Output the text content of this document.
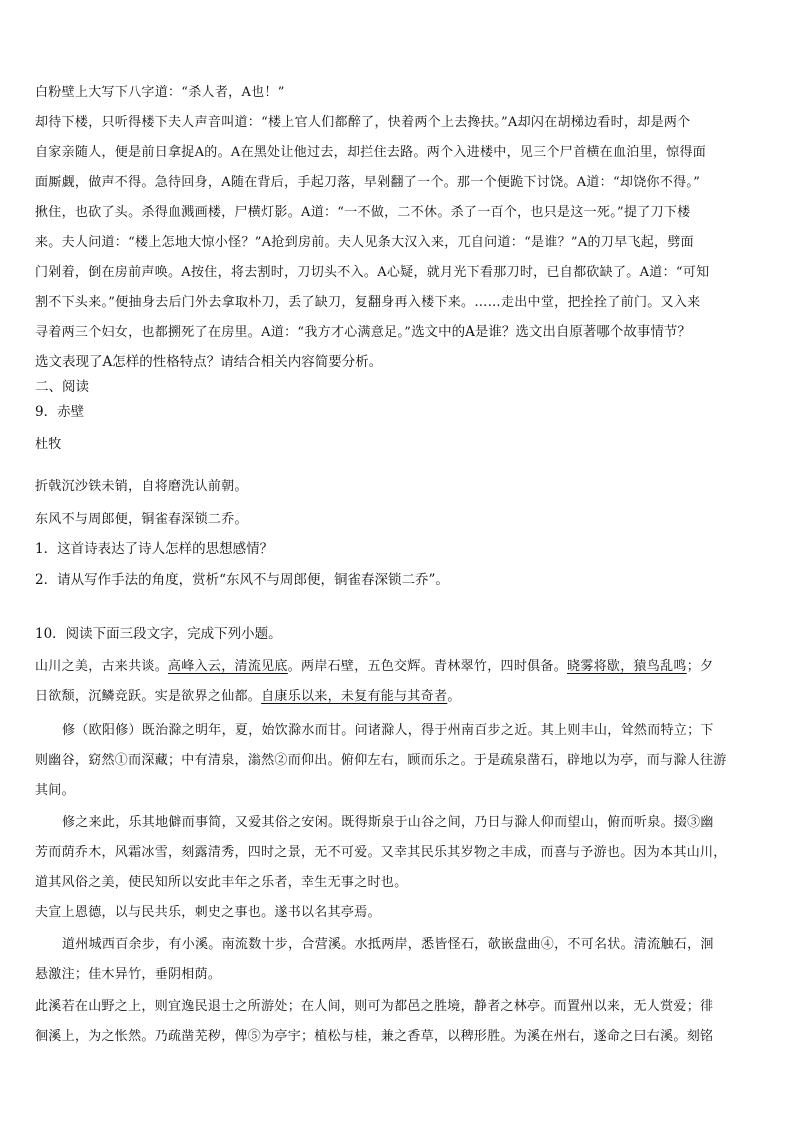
白粉壁上大写下八字道：“杀人者，A也！”
却待下楼，只听得楼下夫人声音叫道：“楼上官人们都醉了，快着两个上去搀扶。”A却闪在胡梯边看时，却是两个
自家亲随人，便是前日拿捉A的。A在黑处让他过去，却拦住去路。两个入进楼中，见三个尸首横在血泊里，惊得面
面厮觑，做声不得。急待回身，A随在背后，手起刀落，早剁翻了一个。那一个便跪下讨饶。A道：“却饶你不得。”
揪住，也砍了头。杀得血溅画楼，尸横灯影。A道：“一不做，二不休。杀了一百个，也只是这一死。”提了刀下楼
来。夫人问道：“楼上怎地大惊小怪？”A抢到房前。夫人见条大汉入来，兀自问道：“是谁？”A的刀早飞起，劈面
门剁着，倒在房前声唤。A按住，将去割时，刀切头不入。A心疑，就月光下看那刀时，已自都砍缺了。A道：“可知
割不下头来。”便抽身去后门外去拿取朴刀，丢了缺刀，复翻身再入楼下来。……走出中堂，把拴拴了前门。又入来
寻着两三个妇女，也都搠死了在房里。A道：“我方才心满意足。”选文中的A是谁？选文出自原著哪个故事情节？
选文表现了A怎样的性格特点？请结合相关内容简要分析。
二、阅读
9．赤壁
杜牧
折戟沉沙铁未销，自将磨洗认前朝。
东风不与周郎便，铜雀春深锁二乔。
1．这首诗表达了诗人怎样的思想感情？
2．请从写作手法的角度，赏析“东风不与周郎便，铜雀春深锁二乔”。
10．阅读下面三段文字，完成下列小题。
山川之美，古来共谈。高峰入云，清流见底。两岸石壁，五色交辉。青林翠竹，四时俱备。晓雾将歇，猿鸟乱鸣；夕
日欲颓，沉鳞竞跃。实是欲界之仙都。自康乐以来，未复有能与其奇者。
修（欧阳修）既治滁之明年，夏，始饮滁水而甘。问诸滁人，得于州南百步之近。其上则丰山，耸然而特立；下
则幽谷，窈然①而深藏；中有清泉，滃然②而仰出。俯仰左右，顾而乐之。于是疏泉凿石，辟地以为亭，而与滁人往游
其间。
修之来此，乐其地僻而事简，又爱其俗之安闲。既得斯泉于山谷之间，乃日与滁人仰而望山，俯而听泉。掇③幽
芳而荫乔木，风霜冰雪，刻露清秀，四时之景，无不可爱。又幸其民乐其岁物之丰成，而喜与予游也。因为本其山川，
道其风俗之美，使民知所以安此丰年之乐者，幸生无事之时也。
夫宣上恩德，以与民共乐，刺史之事也。遂书以名其亭焉。
道州城西百余步，有小溪。南流数十步，合营溪。水抵两岸，悉皆怪石，欹嵌盘曲④，不可名状。清流触石，洄
悬激注；佳木异竹，垂阴相荫。
此溪若在山野之上，则宜逸民退士之所游处；在人间，则可为都邑之胜境，静者之林亭。而置州以来，无人赏爱；徘
徊溪上，为之怅然。乃疏凿芜秽，俾⑤为亭宇；植松与桂，兼之香草，以稗形胜。为溪在州右，遂命之曰右溪。刻铭
